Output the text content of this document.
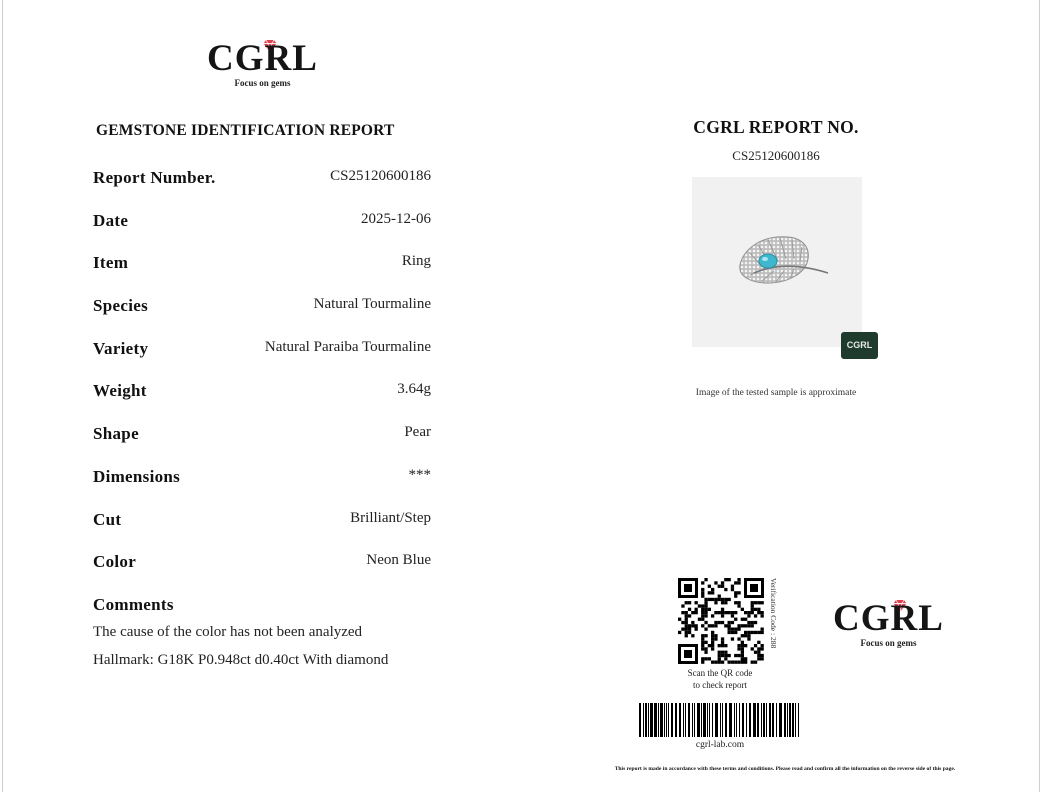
CGRL
Focus on gems
GEMSTONE IDENTIFICATION REPORT
Report Number.	CS25120600186
Date	2025-12-06
Item	Ring
Species	Natural Tourmaline
Variety	Natural Paraiba Tourmaline
Weight	3.64g
Shape	Pear
Dimensions	***
Cut	Brilliant/Step
Color	Neon Blue
Comments
The cause of the color has not been analyzed
Hallmark: G18K P0.948ct d0.40ct With diamond
CGRL REPORT NO.
CS25120600186
CGRL
Image of the tested sample is approximate
Verification Code : 288
Scan the QR code
to check report
CGRL
Focus on gems
cgrl-lab.com
This report is made in accordance with these terms and conditions. Please read and confirm all the information on the reverse side of this page.
